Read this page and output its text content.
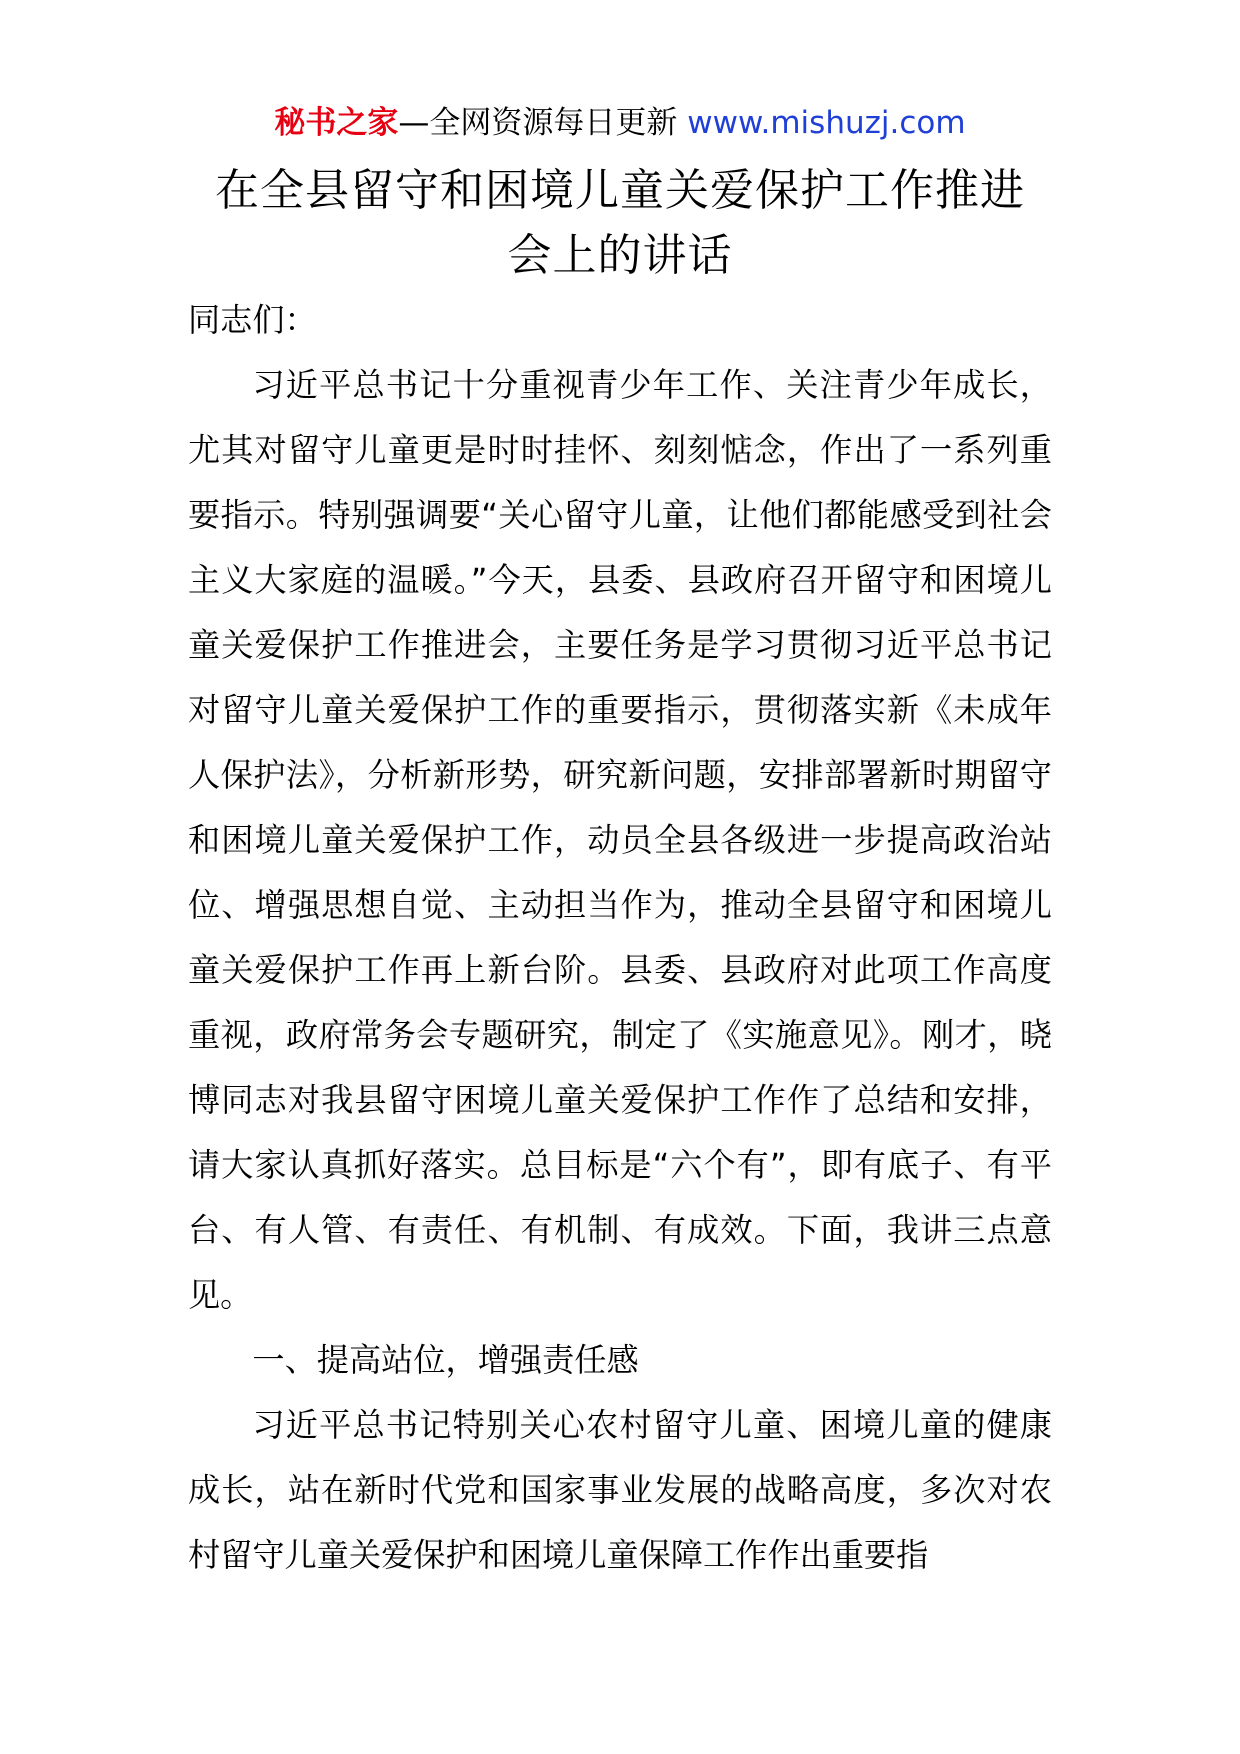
秘书之家—全网资源每日更新 www.mishuzj.com
在全县留守和困境儿童关爱保护工作推进
会上的讲话

同志们：

习近平总书记十分重视青少年工作、关注青少年成长，尤其对留守儿童更是时时挂怀、刻刻惦念，作出了一系列重要指示。特别强调要“关心留守儿童，让他们都能感受到社会主义大家庭的温暖。”今天，县委、县政府召开留守和困境儿童关爱保护工作推进会，主要任务是学习贯彻习近平总书记对留守儿童关爱保护工作的重要指示，贯彻落实新《未成年人保护法》，分析新形势，研究新问题，安排部署新时期留守和困境儿童关爱保护工作，动员全县各级进一步提高政治站位、增强思想自觉、主动担当作为，推动全县留守和困境儿童关爱保护工作再上新台阶。县委、县政府对此项工作高度重视，政府常务会专题研究，制定了《实施意见》。刚才，晓博同志对我县留守困境儿童关爱保护工作作了总结和安排，请大家认真抓好落实。总目标是“六个有”，即有底子、有平台、有人管、有责任、有机制、有成效。下面，我讲三点意见。

一、提高站位，增强责任感

习近平总书记特别关心农村留守儿童、困境儿童的健康成长，站在新时代党和国家事业发展的战略高度，多次对农村留守儿童关爱保护和困境儿童保障工作作出重要指
